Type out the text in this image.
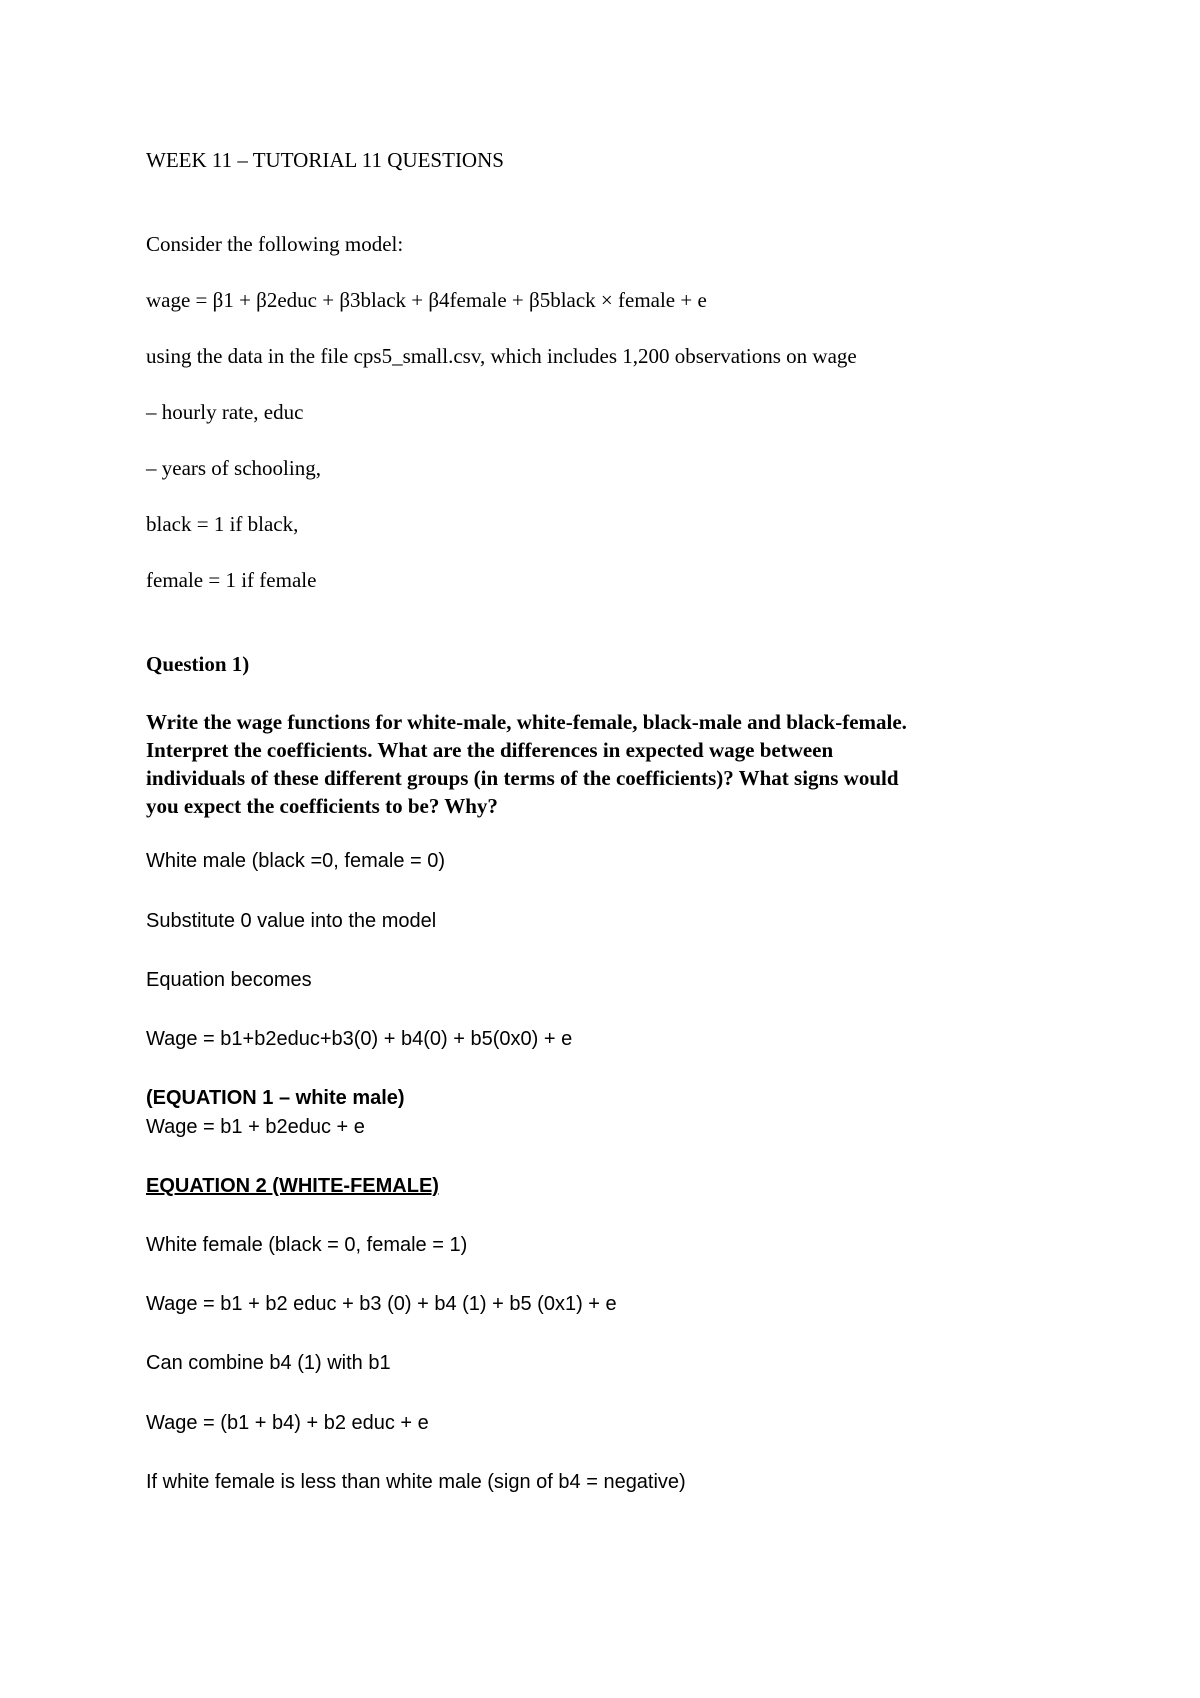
WEEK 11 – TUTORIAL 11 QUESTIONS
Consider the following model:
wage = β1 + β2educ + β3black + β4female + β5black × female + e
using the data in the file cps5_small.csv, which includes 1,200 observations on wage
– hourly rate, educ
– years of schooling,
black = 1 if black,
female = 1 if female
Question 1)
Write the wage functions for white-male, white-female, black-male and black-female.
Interpret the coefficients. What are the differences in expected wage between
individuals of these different groups (in terms of the coefficients)? What signs would
you expect the coefficients to be? Why?
White male (black =0, female = 0)
Substitute 0 value into the model
Equation becomes
Wage = b1+b2educ+b3(0) + b4(0) + b5(0x0) + e
(EQUATION 1 – white male)
Wage = b1 + b2educ + e
EQUATION 2 (WHITE-FEMALE)
White female (black = 0, female = 1)
Wage = b1 + b2 educ + b3 (0) + b4 (1) + b5 (0x1) + e
Can combine b4 (1) with b1
Wage = (b1 + b4) + b2 educ + e
If white female is less than white male (sign of b4 = negative)
